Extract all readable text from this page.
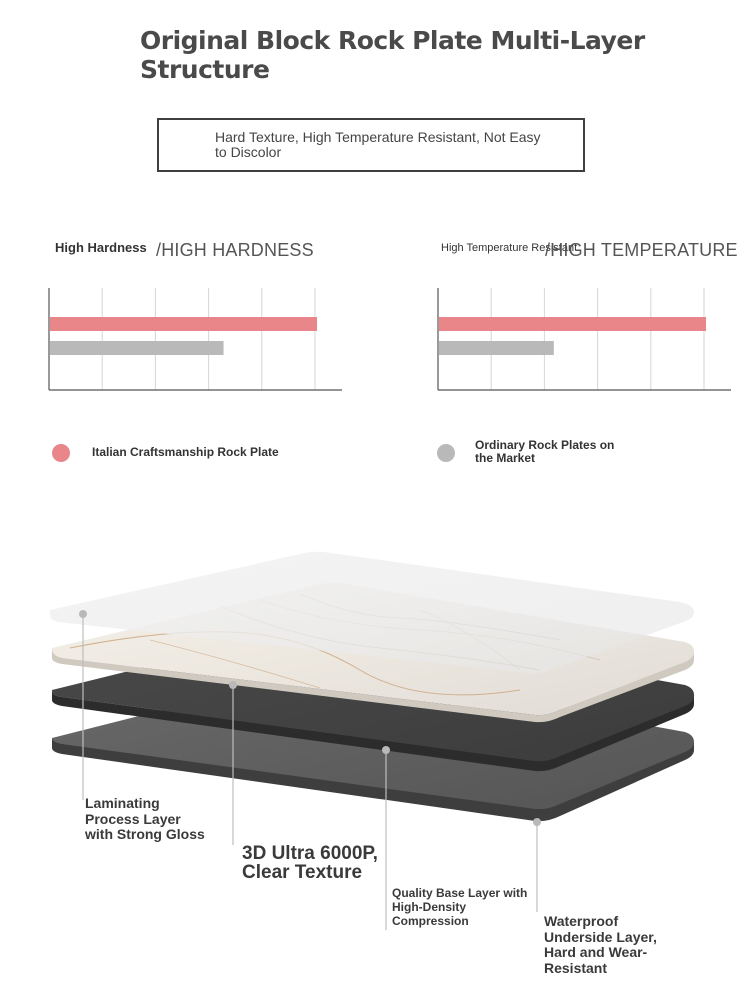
Original Block Rock Plate Multi-Layer Structure
Hard Texture, High Temperature Resistant, Not Easy to Discolor
High Hardness /HIGH HARDNESS	High Temperature Resistant
/HIGH TEMPERATURE
Italian Craftsmanship Rock Plate	Ordinary Rock Plates on the Market
Laminating Process Layer with Strong Gloss
3D Ultra 6000P, Clear Texture
Quality Base Layer with High-Density Compression	Waterproof Underside Layer, Hard and Wear-Resistant
